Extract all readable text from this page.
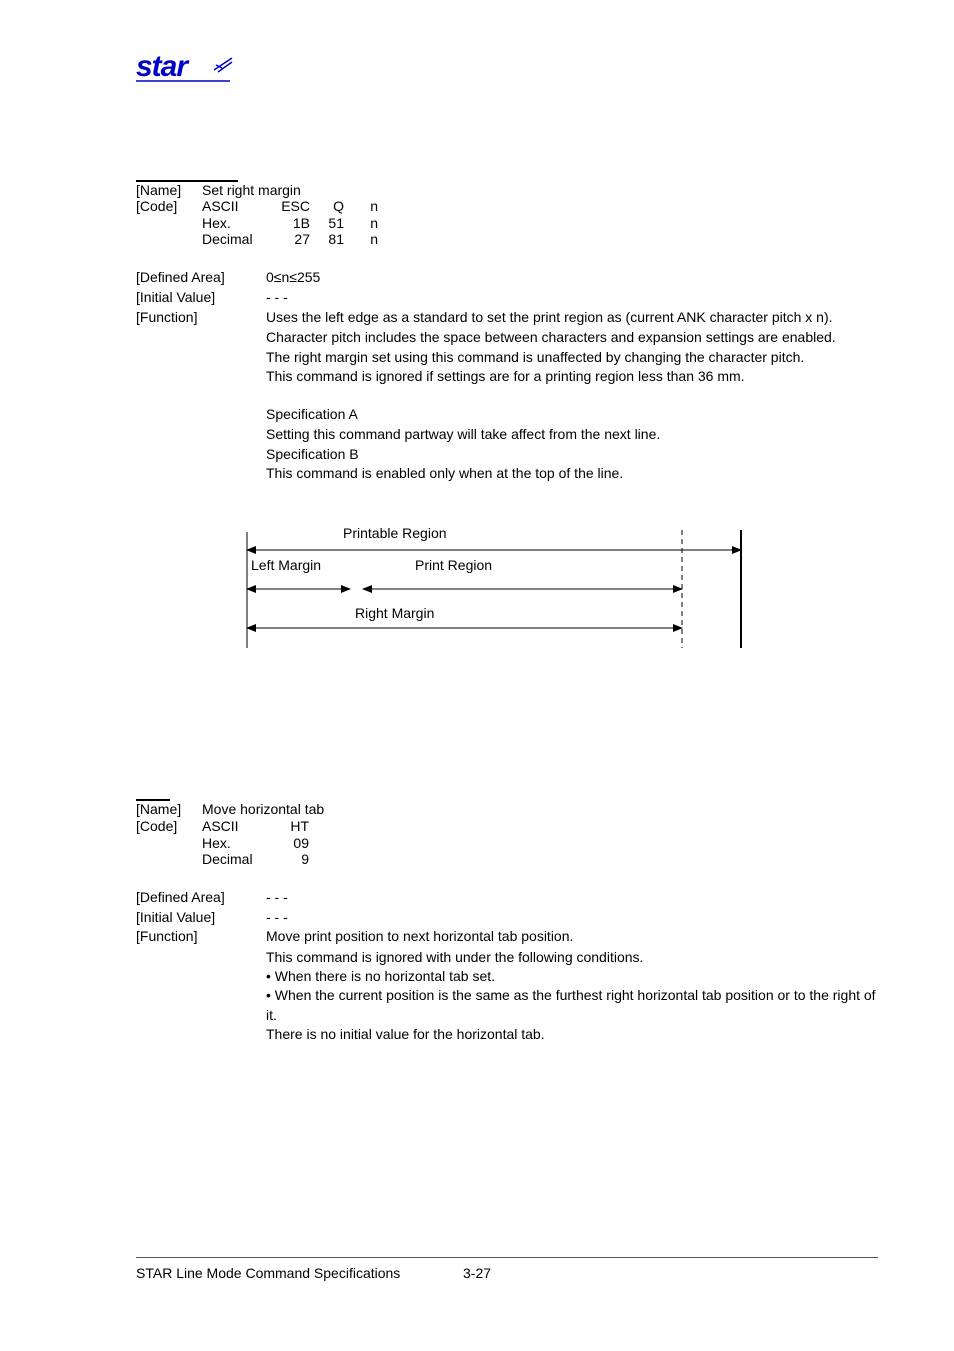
star
[Name] Set right margin
[Code] ASCII	ESC	Q	n
Hex.	1B	51	n
Decimal	27	81	n
[Defined Area]	0≤n≤255
[Initial Value]	- - -
[Function]	Uses the left edge as a standard to set the print region as (current ANK character pitch x n).
Character pitch includes the space between characters and expansion settings are enabled.
The right margin set using this command is unaffected by changing the character pitch.
This command is ignored if settings are for a printing region less than 36 mm.
Specification A
Setting this command partway will take affect from the next line.
Specification B
This command is enabled only when at the top of the line.
Printable Region
Left Margin	Print Region
Right Margin
[Name] Move horizontal tab
[Code] ASCII	HT
Hex.	09
Decimal	9
[Defined Area]	- - -
[Initial Value]	- - -
[Function]	Move print position to next horizontal tab position.
This command is ignored with under the following conditions.
• When there is no horizontal tab set.
• When the current position is the same as the furthest right horizontal tab position or to the right of
it.
There is no initial value for the horizontal tab.
STAR Line Mode Command Specifications	3-27
